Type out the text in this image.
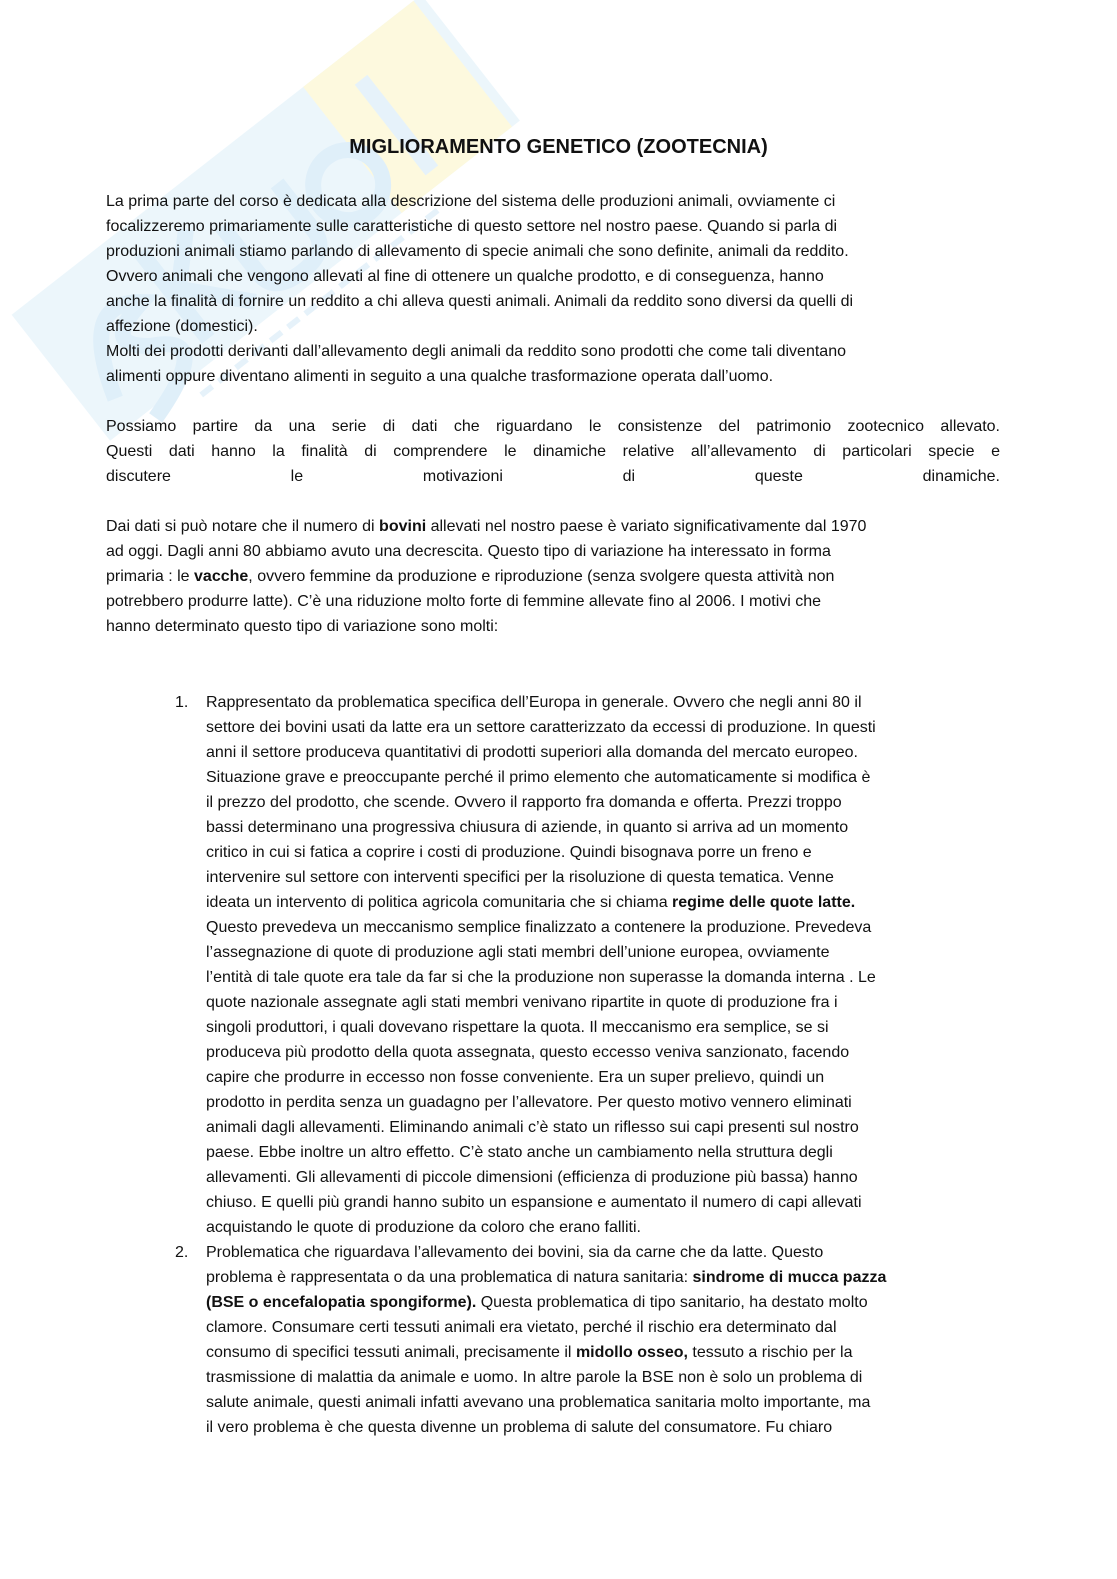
MIGLIORAMENTO GENETICO (ZOOTECNIA)
La prima parte del corso è dedicata alla descrizione del sistema delle produzioni animali, ovviamente ci
focalizzeremo primariamente sulle caratteristiche di questo settore nel nostro paese. Quando si parla di
produzioni animali stiamo parlando di allevamento di specie animali che sono definite, animali da reddito.
Ovvero animali che vengono allevati al fine di ottenere un qualche prodotto, e di conseguenza, hanno
anche la finalità di fornire un reddito a chi alleva questi animali. Animali da reddito sono diversi da quelli di
affezione (domestici).
Molti dei prodotti derivanti dall’allevamento degli animali da reddito sono prodotti che come tali diventano
alimenti oppure diventano alimenti in seguito a una qualche trasformazione operata dall’uomo.
Possiamo partire da una serie di dati che riguardano le consistenze del patrimonio zootecnico allevato.
Questi dati hanno la finalità di comprendere le dinamiche relative all’allevamento di particolari specie e
discutere le motivazioni di queste dinamiche.
Dai dati si può notare che il numero di bovini allevati nel nostro paese è variato significativamente dal 1970
ad oggi. Dagli anni 80 abbiamo avuto una decrescita. Questo tipo di variazione ha interessato in forma
primaria : le vacche, ovvero femmine da produzione e riproduzione (senza svolgere questa attività non
potrebbero produrre latte). C’è una riduzione molto forte di femmine allevate fino al 2006. I motivi che
hanno determinato questo tipo di variazione sono molti:
1. Rappresentato da problematica specifica dell’Europa in generale. Ovvero che negli anni 80 il
settore dei bovini usati da latte era un settore caratterizzato da eccessi di produzione. In questi
anni il settore produceva quantitativi di prodotti superiori alla domanda del mercato europeo.
Situazione grave e preoccupante perché il primo elemento che automaticamente si modifica è
il prezzo del prodotto, che scende. Ovvero il rapporto fra domanda e offerta. Prezzi troppo
bassi determinano una progressiva chiusura di aziende, in quanto si arriva ad un momento
critico in cui si fatica a coprire i costi di produzione. Quindi bisognava porre un freno e
intervenire sul settore con interventi specifici per la risoluzione di questa tematica. Venne
ideata un intervento di politica agricola comunitaria che si chiama regime delle quote latte.
Questo prevedeva un meccanismo semplice finalizzato a contenere la produzione. Prevedeva
l’assegnazione di quote di produzione agli stati membri dell’unione europea, ovviamente
l’entità di tale quote era tale da far si che la produzione non superasse la domanda interna . Le
quote nazionale assegnate agli stati membri venivano ripartite in quote di produzione fra i
singoli produttori, i quali dovevano rispettare la quota. Il meccanismo era semplice, se si
produceva più prodotto della quota assegnata, questo eccesso veniva sanzionato, facendo
capire che produrre in eccesso non fosse conveniente. Era un super prelievo, quindi un
prodotto in perdita senza un guadagno per l’allevatore. Per questo motivo vennero eliminati
animali dagli allevamenti. Eliminando animali c’è stato un riflesso sui capi presenti sul nostro
paese. Ebbe inoltre un altro effetto. C’è stato anche un cambiamento nella struttura degli
allevamenti. Gli allevamenti di piccole dimensioni (efficienza di produzione più bassa) hanno
chiuso. E quelli più grandi hanno subito un espansione e aumentato il numero di capi allevati
acquistando le quote di produzione da coloro che erano falliti.
2. Problematica che riguardava l’allevamento dei bovini, sia da carne che da latte. Questo
problema è rappresentata o da una problematica di natura sanitaria: sindrome di mucca pazza
(BSE o encefalopatia spongiforme). Questa problematica di tipo sanitario, ha destato molto
clamore. Consumare certi tessuti animali era vietato, perché il rischio era determinato dal
consumo di specifici tessuti animali, precisamente il midollo osseo, tessuto a rischio per la
trasmissione di malattia da animale e uomo. In altre parole la BSE non è solo un problema di
salute animale, questi animali infatti avevano una problematica sanitaria molto importante, ma
il vero problema è che questa divenne un problema di salute del consumatore. Fu chiaro
